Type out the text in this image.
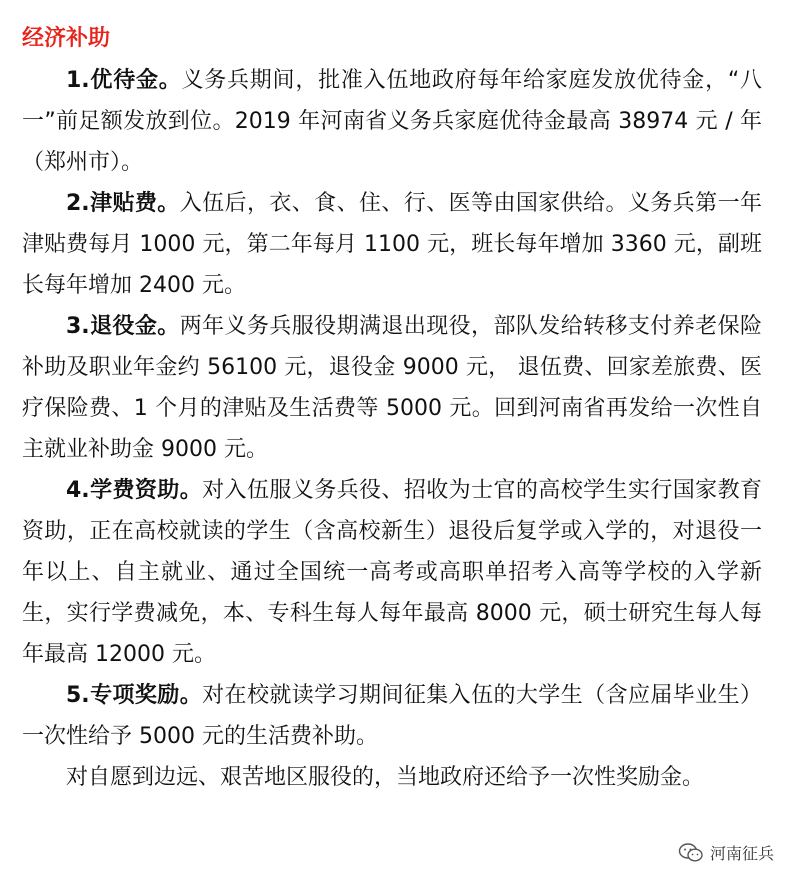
经济补助

1.优待金。义务兵期间，批准入伍地政府每年给家庭发放优待金，“八一”前足额发放到位。2019 年河南省义务兵家庭优待金最高 38974 元 / 年（郑州市）。

2.津贴费。入伍后，衣、食、住、行、医等由国家供给。义务兵第一年津贴费每月 1000 元，第二年每月 1100 元，班长每年增加 3360 元，副班长每年增加 2400 元。

3.退役金。两年义务兵服役期满退出现役，部队发给转移支付养老保险补助及职业年金约 56100 元，退役金 9000 元， 退伍费、回家差旅费、医疗保险费、1 个月的津贴及生活费等 5000 元。回到河南省再发给一次性自主就业补助金 9000 元。

4.学费资助。对入伍服义务兵役、招收为士官的高校学生实行国家教育资助，正在高校就读的学生（含高校新生）退役后复学或入学的，对退役一年以上、自主就业、通过全国统一高考或高职单招考入高等学校的入学新生，实行学费减免，本、专科生每人每年最高 8000 元，硕士研究生每人每年最高 12000 元。

5.专项奖励。对在校就读学习期间征集入伍的大学生（含应届毕业生）一次性给予 5000 元的生活费补助。

对自愿到边远、艰苦地区服役的，当地政府还给予一次性奖励金。

河南征兵
